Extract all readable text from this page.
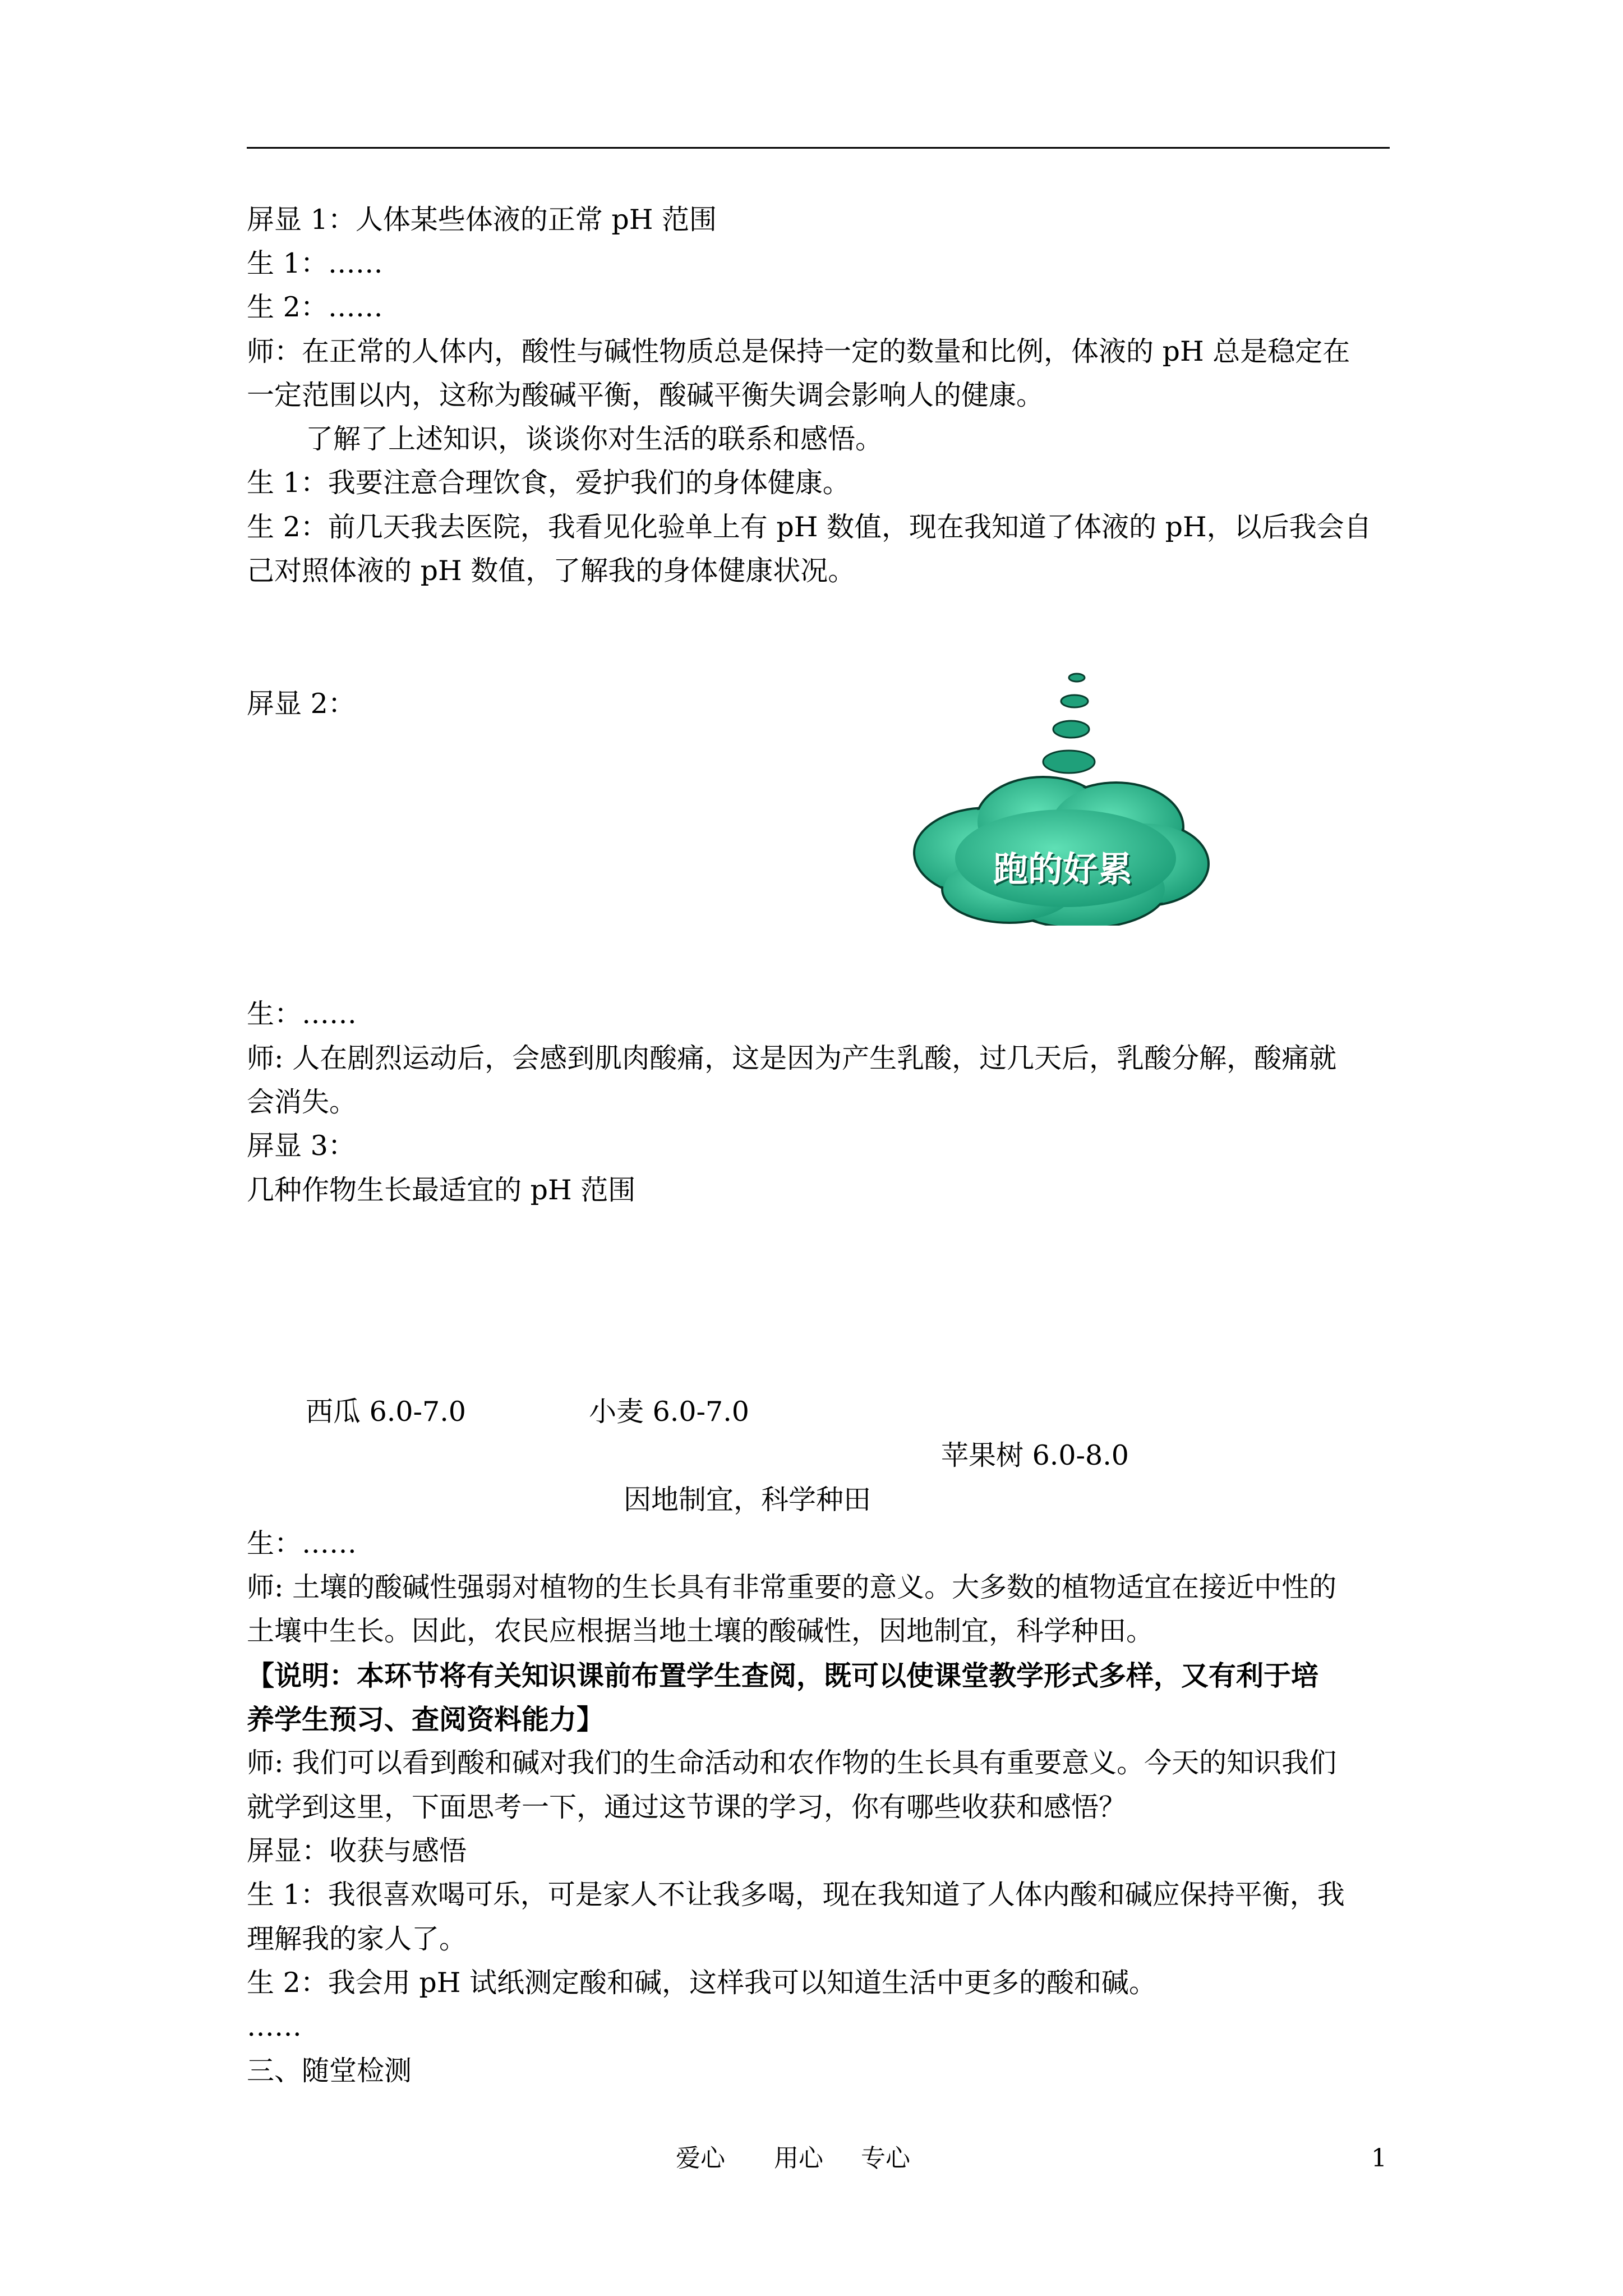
屏显 1：人体某些体液的正常 pH 范围
生 1：……
生 2：……
师：在正常的人体内，酸性与碱性物质总是保持一定的数量和比例，体液的 pH 总是稳定在
一定范围以内，这称为酸碱平衡，酸碱平衡失调会影响人的健康。
了解了上述知识，谈谈你对生活的联系和感悟。
生 1：我要注意合理饮食，爱护我们的身体健康。
生 2：前几天我去医院，我看见化验单上有 pH 数值，现在我知道了体液的 pH，以后我会自
己对照体液的 pH 数值，了解我的身体健康状况。
屏显 2：
跑的好累
生：……
师: 人在剧烈运动后，会感到肌肉酸痛，这是因为产生乳酸，过几天后，乳酸分解，酸痛就
会消失。
屏显 3：
几种作物生长最适宜的 pH 范围
西瓜 6.0-7.0	小麦 6.0-7.0
苹果树 6.0-8.0
因地制宜，科学种田
生：……
师: 土壤的酸碱性强弱对植物的生长具有非常重要的意义。大多数的植物适宜在接近中性的
土壤中生长。因此，农民应根据当地土壤的酸碱性，因地制宜，科学种田。
【说明：本环节将有关知识课前布置学生查阅，既可以使课堂教学形式多样，又有利于培
养学生预习、查阅资料能力】
师: 我们可以看到酸和碱对我们的生命活动和农作物的生长具有重要意义。今天的知识我们
就学到这里，下面思考一下，通过这节课的学习，你有哪些收获和感悟？
屏显：收获与感悟
生 1：我很喜欢喝可乐，可是家人不让我多喝，现在我知道了人体内酸和碱应保持平衡，我
理解我的家人了。
生 2：我会用 pH 试纸测定酸和碱，这样我可以知道生活中更多的酸和碱。
……
三、随堂检测
爱心 用心 专心	1
